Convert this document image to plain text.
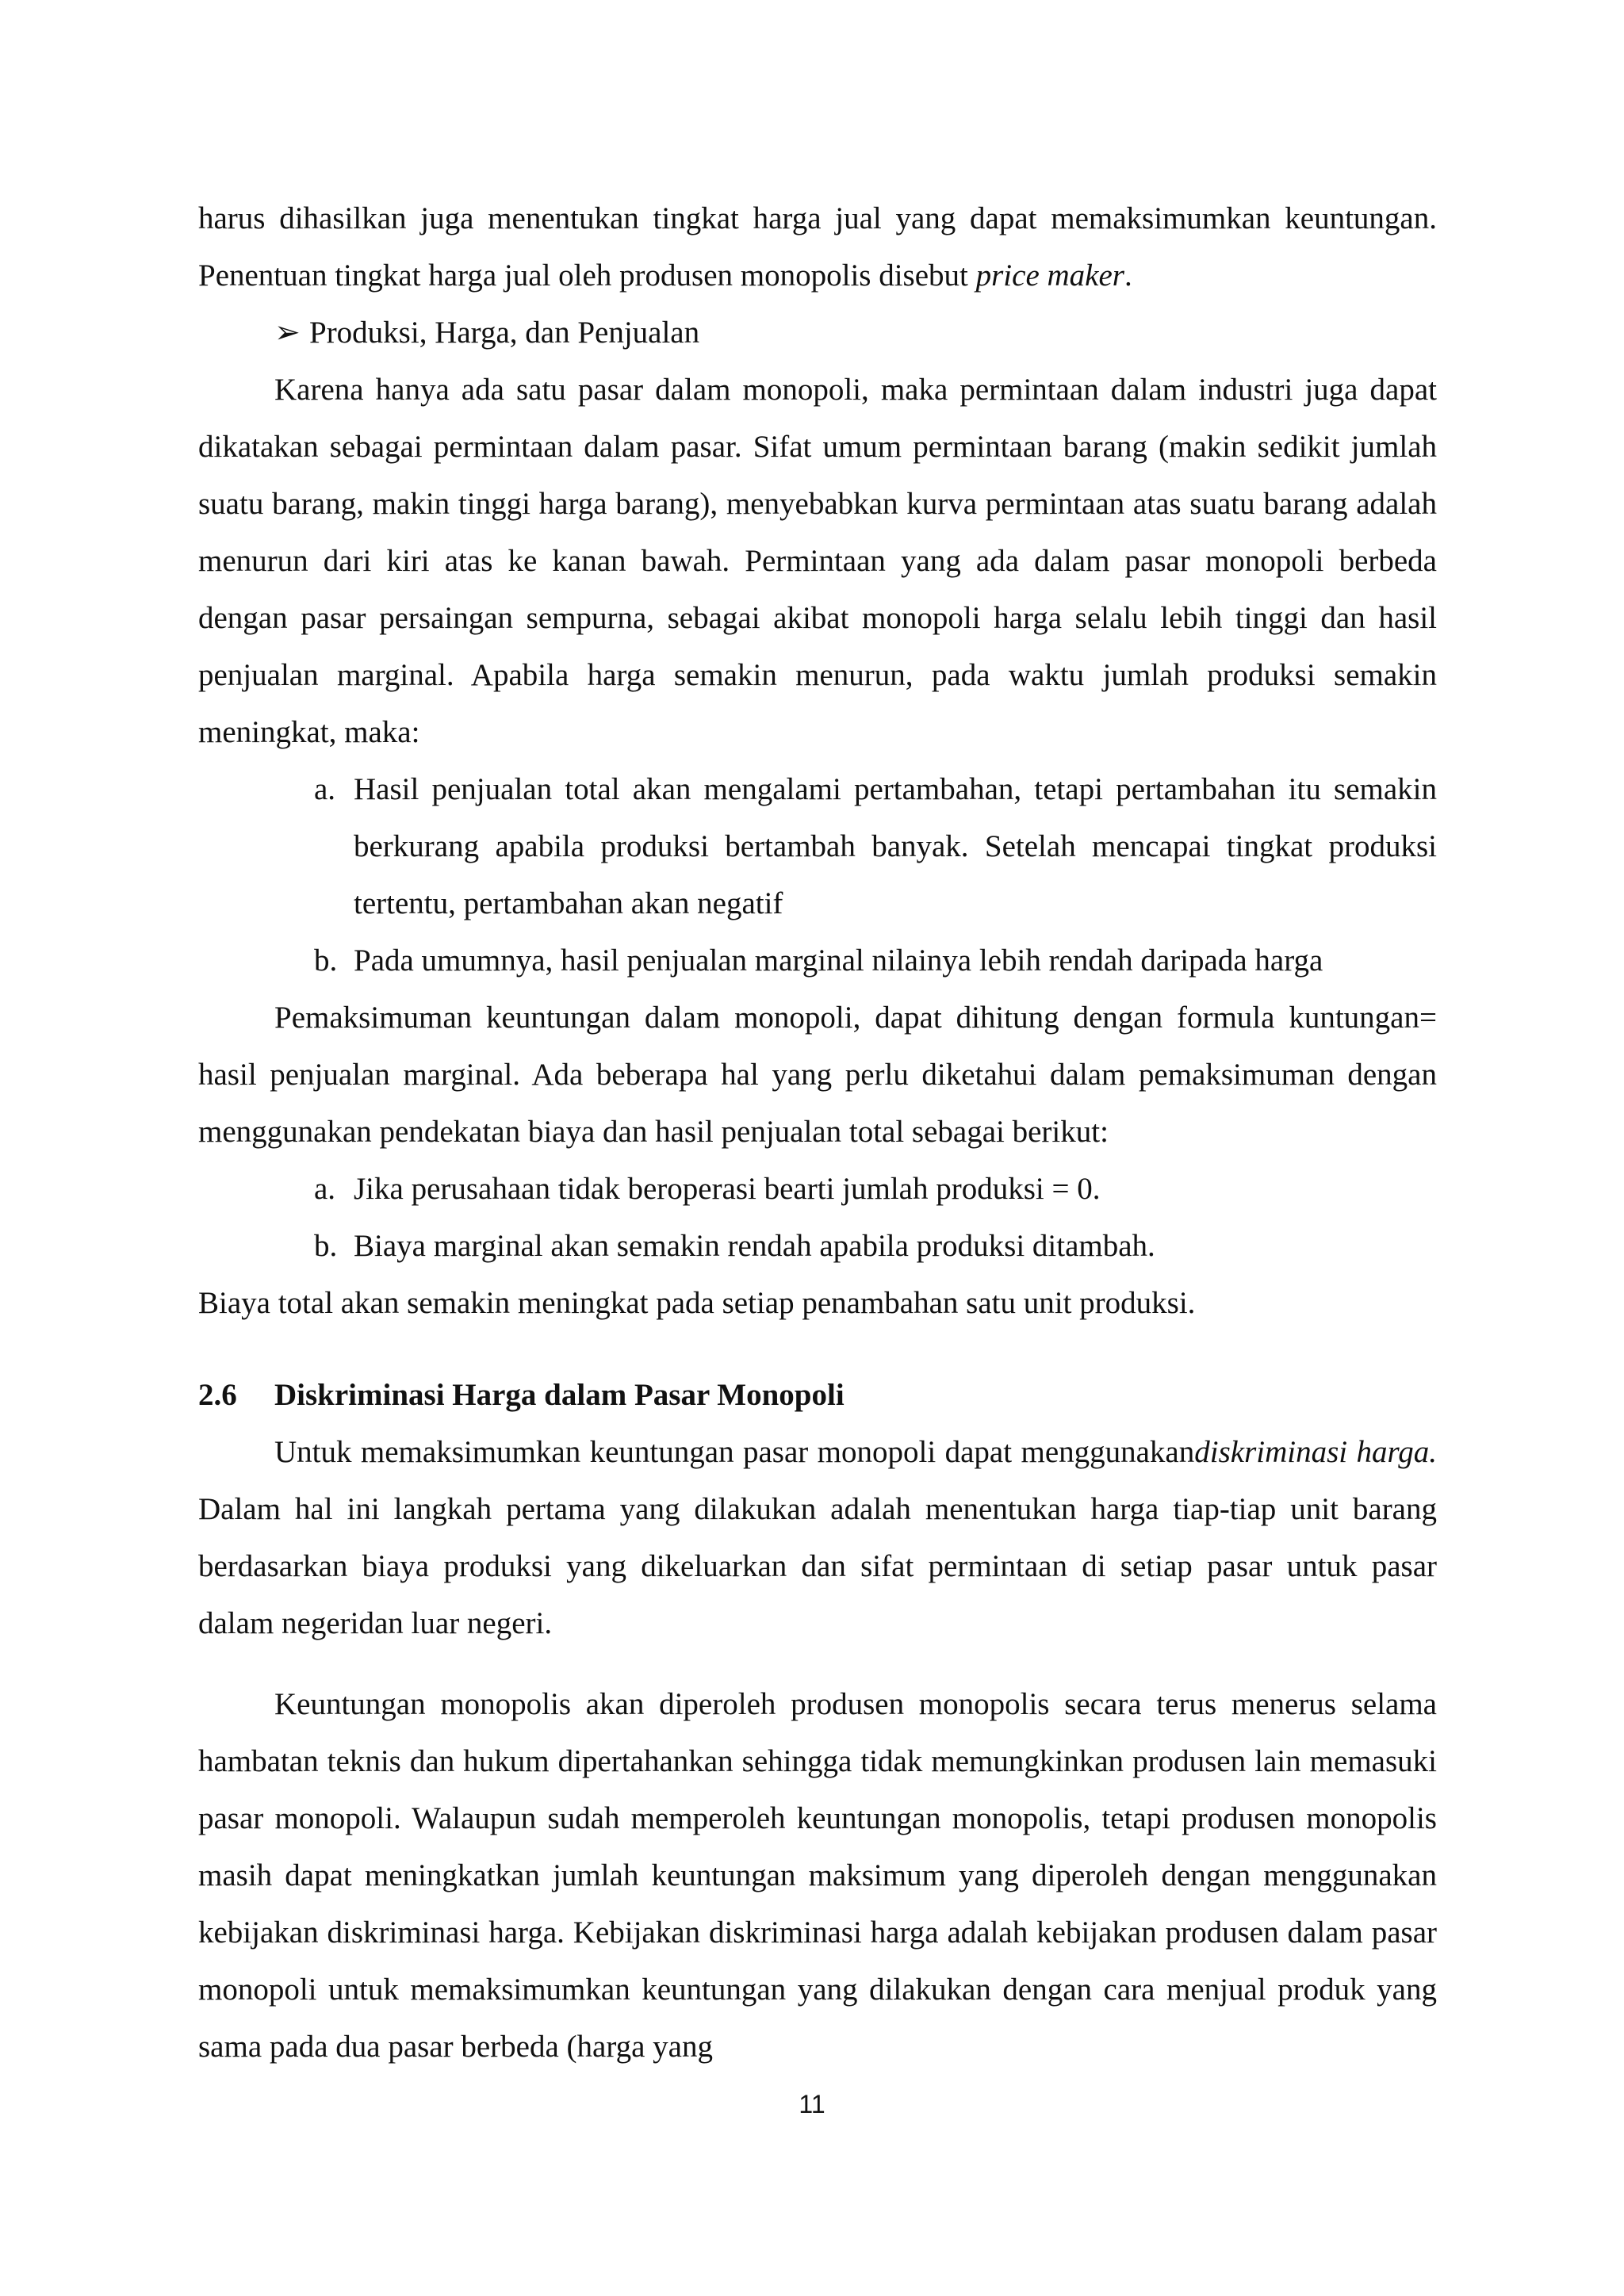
harus dihasilkan juga menentukan tingkat harga jual yang dapat memaksimumkan keuntungan. Penentuan tingkat harga jual oleh produsen monopolis disebut price maker.

➢ Produksi, Harga, dan Penjualan

Karena hanya ada satu pasar dalam monopoli, maka permintaan dalam industri juga dapat dikatakan sebagai permintaan dalam pasar. Sifat umum permintaan barang (makin sedikit jumlah suatu barang, makin tinggi harga barang), menyebabkan kurva permintaan atas suatu barang adalah menurun dari kiri atas ke kanan bawah. Permintaan yang ada dalam pasar monopoli berbeda dengan pasar persaingan sempurna, sebagai akibat monopoli harga selalu lebih tinggi dan hasil penjualan marginal. Apabila harga semakin menurun, pada waktu jumlah produksi semakin meningkat, maka:

a. Hasil penjualan total akan mengalami pertambahan, tetapi pertambahan itu semakin berkurang apabila produksi bertambah banyak. Setelah mencapai tingkat produksi tertentu, pertambahan akan negatif
b. Pada umumnya, hasil penjualan marginal nilainya lebih rendah daripada harga

Pemaksimuman keuntungan dalam monopoli, dapat dihitung dengan formula kuntungan= hasil penjualan marginal. Ada beberapa hal yang perlu diketahui dalam pemaksimuman dengan menggunakan pendekatan biaya dan hasil penjualan total sebagai berikut:

a. Jika perusahaan tidak beroperasi bearti jumlah produksi = 0.
b. Biaya marginal akan semakin rendah apabila produksi ditambah.

Biaya total akan semakin meningkat pada setiap penambahan satu unit produksi.

2.6 Diskriminasi Harga dalam Pasar Monopoli

Untuk memaksimumkan keuntungan pasar monopoli dapat menggunakandiskriminasi harga. Dalam hal ini langkah pertama yang dilakukan adalah menentukan harga tiap-tiap unit barang berdasarkan biaya produksi yang dikeluarkan dan sifat permintaan di setiap pasar untuk pasar dalam negeridan luar negeri.

Keuntungan monopolis akan diperoleh produsen monopolis secara terus menerus selama hambatan teknis dan hukum dipertahankan sehingga tidak memungkinkan produsen lain memasuki pasar monopoli. Walaupun sudah memperoleh keuntungan monopolis, tetapi produsen monopolis masih dapat meningkatkan jumlah keuntungan maksimum yang diperoleh dengan menggunakan kebijakan diskriminasi harga. Kebijakan diskriminasi harga adalah kebijakan produsen dalam pasar monopoli untuk memaksimumkan keuntungan yang dilakukan dengan cara menjual produk yang sama pada dua pasar berbeda (harga yang

11
